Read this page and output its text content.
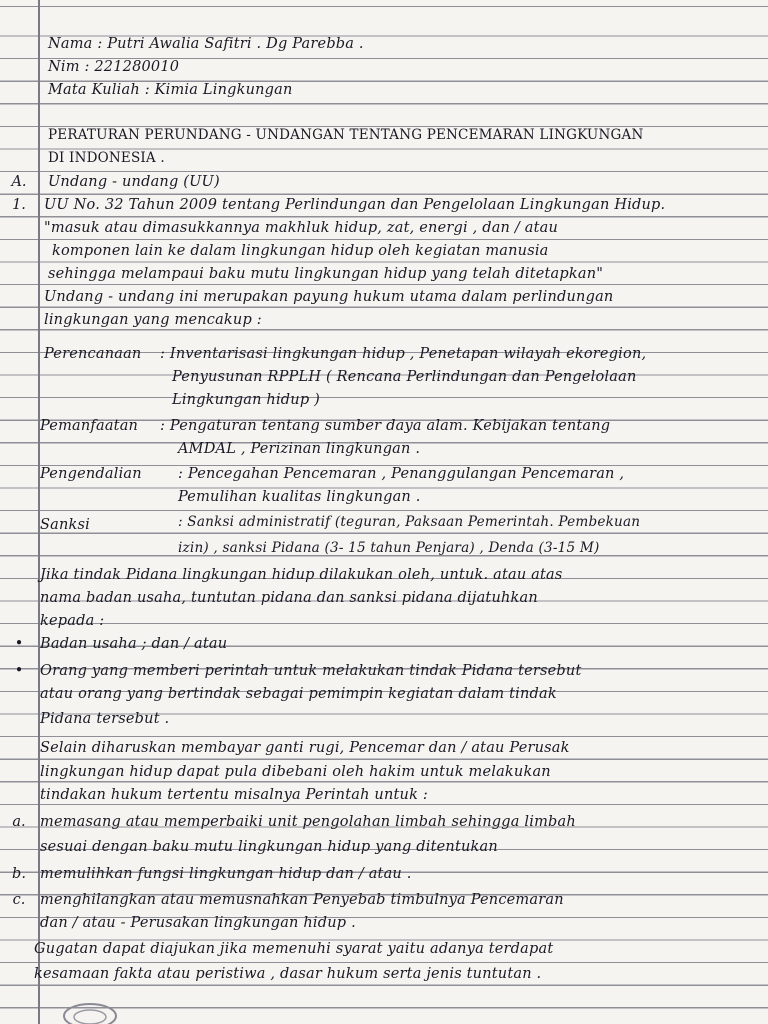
Nama : Putri Awalia Safitri . Dg Parebba .
Nim : 221280010
Mata Kuliah : Kimia Lingkungan
PERATURAN PERUNDANG - UNDANGAN TENTANG PENCEMARAN LINGKUNGAN
DI INDONESIA .
A.	Undang - undang (UU)
1.	UU No. 32 Tahun 2009 tentang Perlindungan dan Pengelolaan Lingkungan Hidup.
"masuk atau dimasukkannya makhluk hidup, zat, energi , dan / atau
komponen lain ke dalam lingkungan hidup oleh kegiatan manusia
sehingga melampaui baku mutu lingkungan hidup yang telah ditetapkan"
Undang - undang ini merupakan payung hukum utama dalam perlindungan
lingkungan yang mencakup :
Perencanaan : Inventarisasi lingkungan hidup , Penetapan wilayah ekoregion,
Penyusunan RPPLH ( Rencana Perlindungan dan Pengelolaan
Lingkungan hidup )
Pemanfaatan : Pengaturan tentang sumber daya alam. Kebijakan tentang
AMDAL , Perizinan lingkungan .
Pengendalian : Pencegahan Pencemaran , Penanggulangan Pencemaran ,
Pemulihan kualitas lingkungan .
Sanksi	: Sanksi administratif (teguran, Paksaan Pemerintah. Pembekuan
izin) , sanksi Pidana (3- 15 tahun Penjara) , Denda (3-15 M)
Jika tindak Pidana lingkungan hidup dilakukan oleh, untuk. atau atas
nama badan usaha, tuntutan pidana dan sanksi pidana dijatuhkan
kepada :
•	Badan usaha ; dan / atau
•	Orang yang memberi perintah untuk melakukan tindak Pidana tersebut
atau orang yang bertindak sebagai pemimpin kegiatan dalam tindak
Pidana tersebut .
Selain diharuskan membayar ganti rugi, Pencemar dan / atau Perusak
lingkungan hidup dapat pula dibebani oleh hakim untuk melakukan
tindakan hukum tertentu misalnya Perintah untuk :
a. memasang atau memperbaiki unit pengolahan limbah sehingga limbah
sesuai dengan baku mutu lingkungan hidup yang ditentukan
b. memulihkan fungsi lingkungan hidup dan / atau .
c.	menghilangkan atau memusnahkan Penyebab timbulnya Pencemaran
dan / atau - Perusakan lingkungan hidup .
Gugatan dapat diajukan jika memenuhi syarat yaitu adanya terdapat
kesamaan fakta atau peristiwa , dasar hukum serta jenis tuntutan .
